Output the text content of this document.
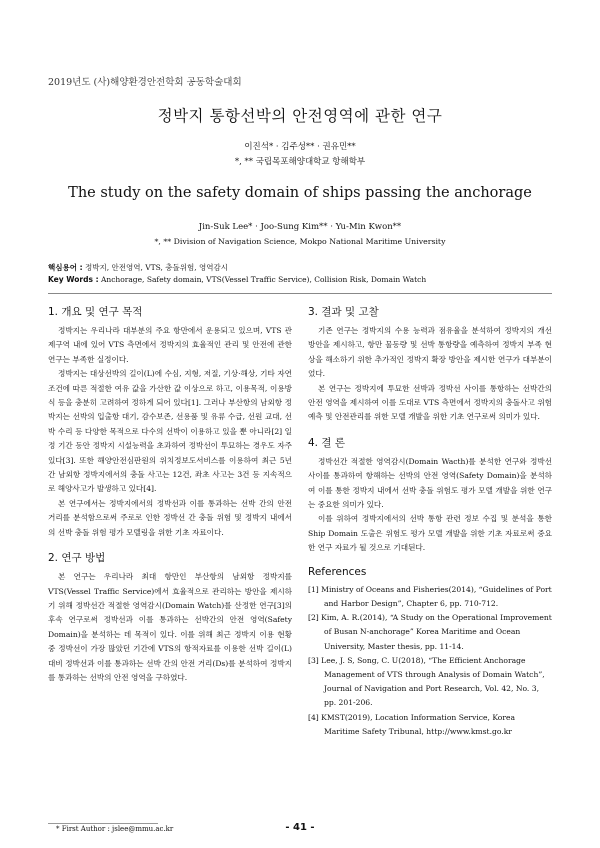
2019년도 (사)해양환경안전학회 공동학술대회
정박지 통항선박의 안전영역에 관한 연구
이진석* · 김주성** · 권유민**
*, ** 국립목포해양대학교 항해학부
The study on the safety domain of ships passing the anchorage
Jin-Suk Lee* · Joo-Sung Kim** · Yu-Min Kwon**
*, ** Division of Navigation Science, Mokpo National Maritime University
핵심용어 : 정박지, 안전영역, VTS, 충돌위험, 영역감시
Key Words : Anchorage, Safety domain, VTS(Vessel Traffic Service), Collision Risk, Domain Watch
1. 개요 및 연구 목적

정박지는 우리나라 대부분의 주요 항만에서 운용되고 있으며, VTS 관제구역 내에 있어 VTS 측면에서 정박지의 효율적인 관리 및 안전에 관한 연구는 부족한 실정이다.

정박지는 대상선박의 길이(L)에 수심, 지형, 저질, 기상·해상, 기타 자연조건에 따른 적절한 여유 값을 가산한 값 이상으로 하고, 이용목적, 이용방식 등을 충분히 고려하여 정하게 되어 있다[1]. 그러나 부산항의 남외항 정박지는 선박의 입출항 대기, 감수보존, 선용품 및 유류 수급, 선원 교대, 선박 수리 등 다양한 목적으로 다수의 선박이 이용하고 있을 뿐 아니라[2] 일정 기간 동안 정박지 시설능력을 초과하여 정박선이 투묘하는 경우도 자주 있다[3]. 또한 해양안전심판원의 위치정보도서비스를 이용하여 최근 5년간 남외항 정박지에서의 충돌 사고는 12건, 좌초 사고는 3건 등 지속적으로 해양사고가 발생하고 있다[4].

본 연구에서는 정박지에서의 정박선과 이를 통과하는 선박 간의 안전 거리를 분석함으로써 주로로 인한 정박선 간 충돌 위험 및 정박지 내에서의 선박 충돌 위험 평가 모델링을 위한 기초 자료이다.

2. 연구 방법

본 연구는 우리나라 최대 항만인 부산항의 남외항 정박지를 VTS(Vessel Traffic Service)에서 효율적으로 관리하는 방안을 제시하기 위해 정박선간 적절한 영역감시(Domain Watch)를 산정한 연구[3]의 후속 연구로써 정박선과 이를 통과하는 선박간의 안전 영역(Safety Domain)을 분석하는 데 목적이 있다. 이를 위해 최근 정박지 이용 현황 중 정박선이 가장 많았던 기간에 VTS의 항적자료를 이용한 선박 길이(L) 대비 정박선과 이를 통과하는 선박 간의 안전 거리(Ds)를 분석하여 정박지를 통과하는 선박의 안전 영역을 구하였다.

3. 결과 및 고찰

기존 연구는 정박지의 수용 능력과 점유율을 분석하여 정박지의 개선 방안을 제시하고, 항만 물동량 및 선박 통항량을 예측하여 정박지 부족 현상을 해소하기 위한 추가적인 정박지 확장 방안을 제시한 연구가 대부분이었다.

본 연구는 정박지에 투묘한 선박과 정박선 사이를 통항하는 선박간의 안전 영역을 제시하여 이를 도대로 VTS 측면에서 정박지의 충돌사고 위험 예측 및 안전관리를 위한 모델 개발을 위한 기초 연구로써 의미가 있다.

4. 결 론

정박선간 적절한 영역감시(Domain Wacth)를 분석한 연구와 정박선 사이를 통과하여 항해하는 선박의 안전 영역(Safety Domain)을 분석하여 이를 통한 정박지 내에서 선박 충돌 위험도 평가 모델 개발을 위한 연구는 중요한 의미가 있다.

이를 위하여 정박지에서의 선박 통항 관련 정보 수집 및 분석을 통한 Ship Domain 도출은 위험도 평가 모델 개발을 위한 기초 자료로써 중요한 연구 자료가 될 것으로 기대된다.

References
[1] Ministry of Oceans and Fisheries(2014), “Guidelines of Port and Harbor Design”, Chapter 6, pp. 710-712.
[2] Kim, A. R.(2014), “A Study on the Operational Improvement of Busan N-anchorage” Korea Maritime and Ocean University, Master thesis, pp. 11-14.
[3] Lee, J. S, Song, C. U(2018), “The Efficient Anchorage Management of VTS through Analysis of Domain Watch”, Journal of Navigation and Port Research, Vol. 42, No. 3, pp. 201-206.
[4] KMST(2019), Location Information Service, Korea Maritime Safety Tribunal, http://www.kmst.go.kr
* First Author : jslee@mmu.ac.kr	- 41 -
